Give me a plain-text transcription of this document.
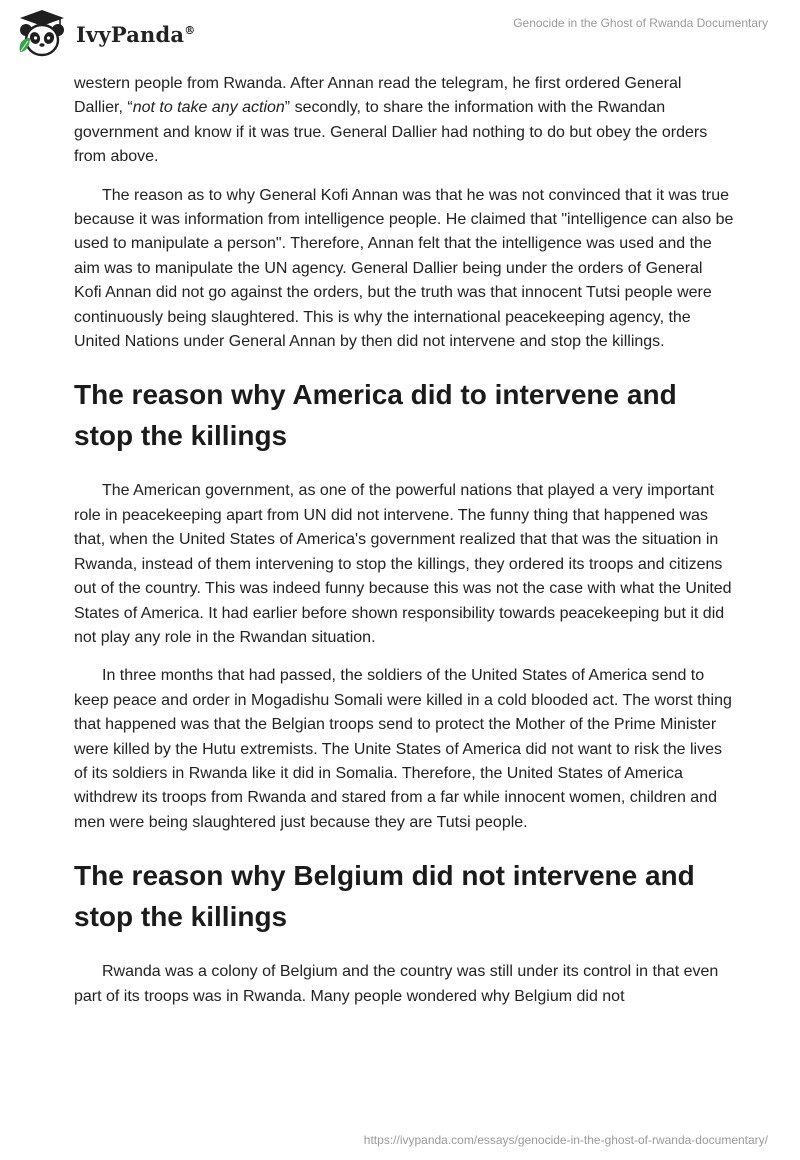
IvyPanda®	Genocide in the Ghost of Rwanda Documentary

western people from Rwanda. After Annan read the telegram, he first ordered General Dallier, “not to take any action” secondly, to share the information with the Rwandan government and know if it was true. General Dallier had nothing to do but obey the orders from above.

The reason as to why General Kofi Annan was that he was not convinced that it was true because it was information from intelligence people. He claimed that "intelligence can also be used to manipulate a person". Therefore, Annan felt that the intelligence was used and the aim was to manipulate the UN agency. General Dallier being under the orders of General Kofi Annan did not go against the orders, but the truth was that innocent Tutsi people were continuously being slaughtered. This is why the international peacekeeping agency, the United Nations under General Annan by then did not intervene and stop the killings.

The reason why America did to intervene and stop the killings

The American government, as one of the powerful nations that played a very important role in peacekeeping apart from UN did not intervene. The funny thing that happened was that, when the United States of America's government realized that that was the situation in Rwanda, instead of them intervening to stop the killings, they ordered its troops and citizens out of the country. This was indeed funny because this was not the case with what the United States of America. It had earlier before shown responsibility towards peacekeeping but it did not play any role in the Rwandan situation.

In three months that had passed, the soldiers of the United States of America send to keep peace and order in Mogadishu Somali were killed in a cold blooded act. The worst thing that happened was that the Belgian troops send to protect the Mother of the Prime Minister were killed by the Hutu extremists. The Unite States of America did not want to risk the lives of its soldiers in Rwanda like it did in Somalia. Therefore, the United States of America withdrew its troops from Rwanda and stared from a far while innocent women, children and men were being slaughtered just because they are Tutsi people.

The reason why Belgium did not intervene and stop the killings

Rwanda was a colony of Belgium and the country was still under its control in that even part of its troops was in Rwanda. Many people wondered why Belgium did not

https://ivypanda.com/essays/genocide-in-the-ghost-of-rwanda-documentary/
